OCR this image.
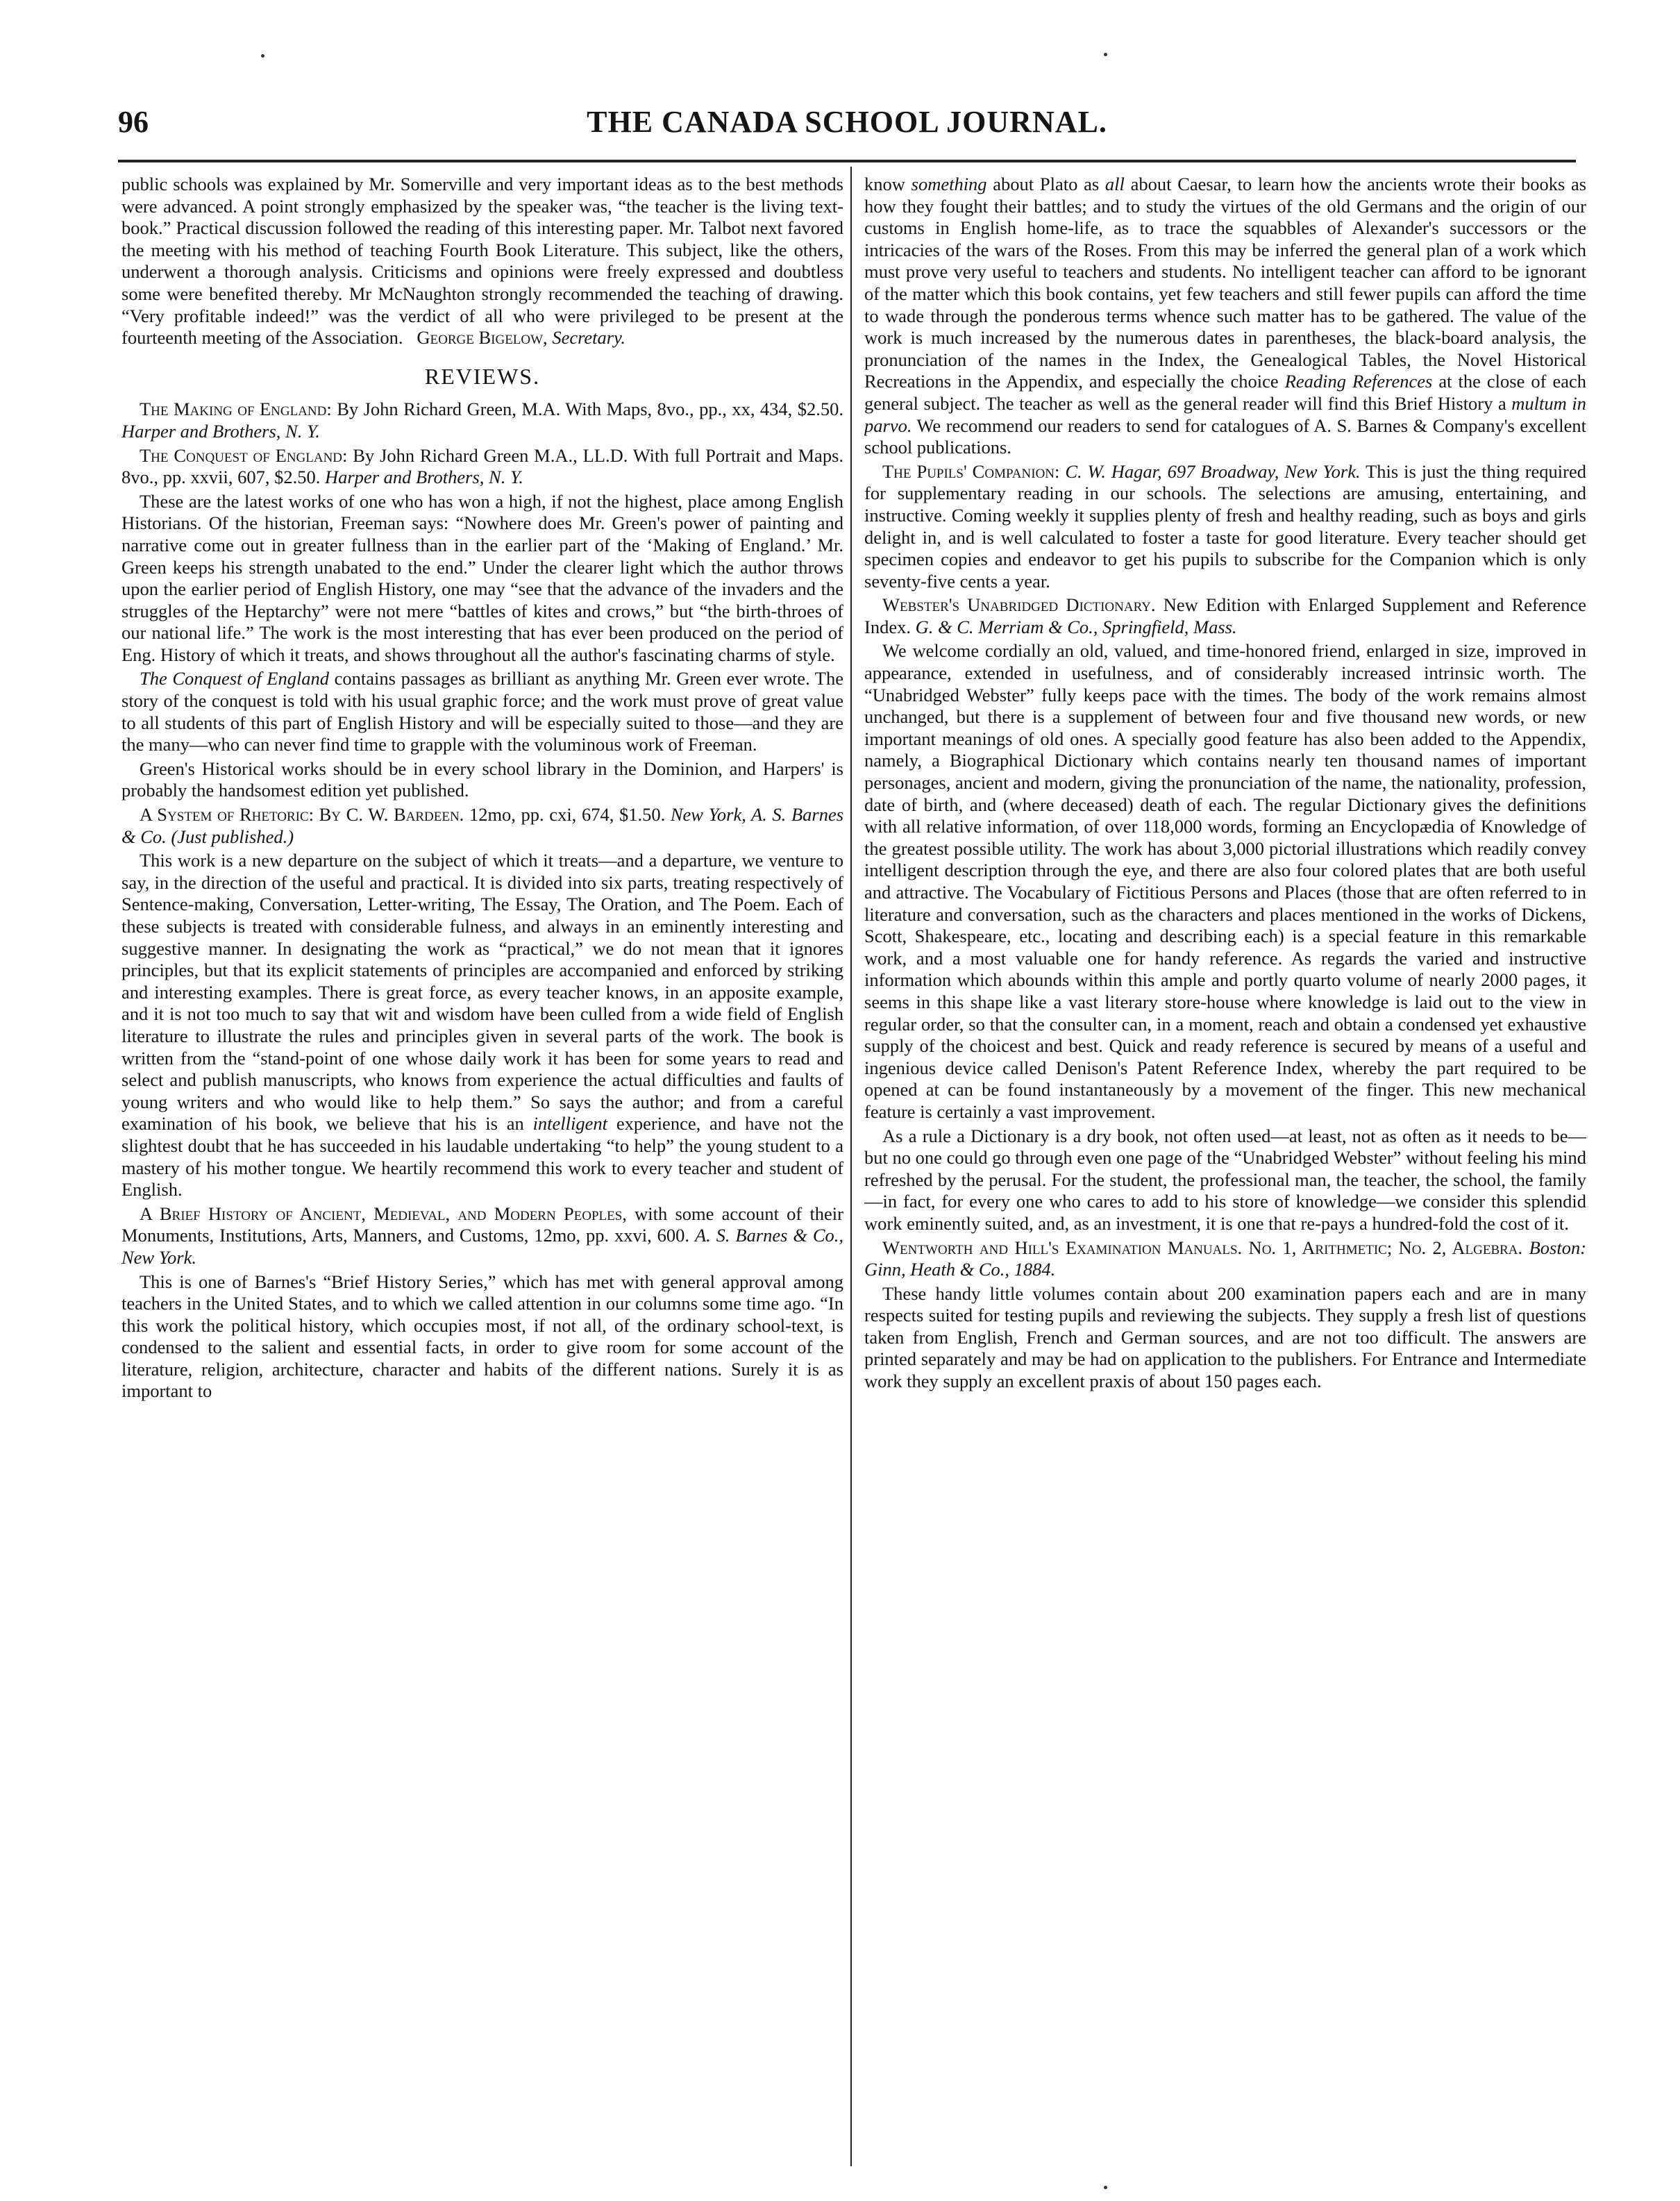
96	THE CANADA SCHOOL JOURNAL.

public schools was explained by Mr. Somerville and very important ideas as to the best methods were advanced. A point strongly emphasized by the speaker was, “the teacher is the living text-book.” Practical discussion followed the reading of this interesting paper. Mr. Talbot next favored the meeting with his method of teaching Fourth Book Literature. This subject, like the others, underwent a thorough analysis. Criticisms and opinions were freely expressed and doubtless some were benefited thereby. Mr McNaughton strongly recommended the teaching of drawing. “Very profitable indeed!” was the verdict of all who were privileged to be present at the fourteenth meeting of the Association. George Bigelow, Secretary.

REVIEWS.

The Making of England: By John Richard Green, M.A. With Maps, 8vo., pp., xx, 434, $2.50. Harper and Brothers, N. Y.

The Conquest of England: By John Richard Green M.A., LL.D. With full Portrait and Maps. 8vo., pp. xxvii, 607, $2.50. Harper and Brothers, N. Y.

These are the latest works of one who has won a high, if not the highest, place among English Historians. Of the historian, Freeman says: “Nowhere does Mr. Green's power of painting and narrative come out in greater fullness than in the earlier part of the ‘Making of England.’ Mr. Green keeps his strength unabated to the end.” Under the clearer light which the author throws upon the earlier period of English History, one may “see that the advance of the invaders and the struggles of the Heptarchy” were not mere “battles of kites and crows,” but “the birth-throes of our national life.” The work is the most interesting that has ever been produced on the period of Eng. History of which it treats, and shows throughout all the author's fascinating charms of style.

The Conquest of England contains passages as brilliant as anything Mr. Green ever wrote. The story of the conquest is told with his usual graphic force; and the work must prove of great value to all students of this part of English History and will be especially suited to those—and they are the many—who can never find time to grapple with the voluminous work of Freeman.

Green's Historical works should be in every school library in the Dominion, and Harpers' is probably the handsomest edition yet published.

A System of Rhetoric: By C. W. Bardeen. 12mo, pp. cxi, 674, $1.50. New York, A. S. Barnes & Co. (Just published.)

This work is a new departure on the subject of which it treats—and a departure, we venture to say, in the direction of the useful and practical. It is divided into six parts, treating respectively of Sentence-making, Conversation, Letter-writing, The Essay, The Oration, and The Poem. Each of these subjects is treated with considerable fulness, and always in an eminently interesting and suggestive manner. In designating the work as “practical,” we do not mean that it ignores principles, but that its explicit statements of principles are accompanied and enforced by striking and interesting examples. There is great force, as every teacher knows, in an apposite example, and it is not too much to say that wit and wisdom have been culled from a wide field of English literature to illustrate the rules and principles given in several parts of the work. The book is written from the “stand-point of one whose daily work it has been for some years to read and select and publish manuscripts, who knows from experience the actual difficulties and faults of young writers and who would like to help them.” So says the author; and from a careful examination of his book, we believe that his is an intelligent experience, and have not the slightest doubt that he has succeeded in his laudable undertaking “to help” the young student to a mastery of his mother tongue. We heartily recommend this work to every teacher and student of English.

A Brief History of Ancient, Medieval, and Modern Peoples, with some account of their Monuments, Institutions, Arts, Manners, and Customs, 12mo, pp. xxvi, 600. A. S. Barnes & Co., New York.

This is one of Barnes's “Brief History Series,” which has met with general approval among teachers in the United States, and to which we called attention in our columns some time ago. “In this work the political history, which occupies most, if not all, of the ordinary school-text, is condensed to the salient and essential facts, in order to give room for some account of the literature, religion, architecture, character and habits of the different nations. Surely it is as important to

know something about Plato as all about Caesar, to learn how the ancients wrote their books as how they fought their battles; and to study the virtues of the old Germans and the origin of our customs in English home-life, as to trace the squabbles of Alexander's successors or the intricacies of the wars of the Roses. From this may be inferred the general plan of a work which must prove very useful to teachers and students. No intelligent teacher can afford to be ignorant of the matter which this book contains, yet few teachers and still fewer pupils can afford the time to wade through the ponderous terms whence such matter has to be gathered. The value of the work is much increased by the numerous dates in parentheses, the black-board analysis, the pronunciation of the names in the Index, the Genealogical Tables, the Novel Historical Recreations in the Appendix, and especially the choice Reading References at the close of each general subject. The teacher as well as the general reader will find this Brief History a multum in parvo. We recommend our readers to send for catalogues of A. S. Barnes & Company's excellent school publications.

The Pupils' Companion: C. W. Hagar, 697 Broadway, New York. This is just the thing required for supplementary reading in our schools. The selections are amusing, entertaining, and instructive. Coming weekly it supplies plenty of fresh and healthy reading, such as boys and girls delight in, and is well calculated to foster a taste for good literature. Every teacher should get specimen copies and endeavor to get his pupils to subscribe for the Companion which is only seventy-five cents a year.

Webster's Unabridged Dictionary. New Edition with Enlarged Supplement and Reference Index. G. & C. Merriam & Co., Springfield, Mass.

We welcome cordially an old, valued, and time-honored friend, enlarged in size, improved in appearance, extended in usefulness, and of considerably increased intrinsic worth. The “Unabridged Webster” fully keeps pace with the times. The body of the work remains almost unchanged, but there is a supplement of between four and five thousand new words, or new important meanings of old ones. A specially good feature has also been added to the Appendix, namely, a Biographical Dictionary which contains nearly ten thousand names of important personages, ancient and modern, giving the pronunciation of the name, the nationality, profession, date of birth, and (where deceased) death of each. The regular Dictionary gives the definitions with all relative information, of over 118,000 words, forming an Encyclopædia of Knowledge of the greatest possible utility. The work has about 3,000 pictorial illustrations which readily convey intelligent description through the eye, and there are also four colored plates that are both useful and attractive. The Vocabulary of Fictitious Persons and Places (those that are often referred to in literature and conversation, such as the characters and places mentioned in the works of Dickens, Scott, Shakespeare, etc., locating and describing each) is a special feature in this remarkable work, and a most valuable one for handy reference. As regards the varied and instructive information which abounds within this ample and portly quarto volume of nearly 2000 pages, it seems in this shape like a vast literary store-house where knowledge is laid out to the view in regular order, so that the consulter can, in a moment, reach and obtain a condensed yet exhaustive supply of the choicest and best. Quick and ready reference is secured by means of a useful and ingenious device called Denison's Patent Reference Index, whereby the part required to be opened at can be found instantaneously by a movement of the finger. This new mechanical feature is certainly a vast improvement.

As a rule a Dictionary is a dry book, not often used—at least, not as often as it needs to be—but no one could go through even one page of the “Unabridged Webster” without feeling his mind refreshed by the perusal. For the student, the professional man, the teacher, the school, the family—in fact, for every one who cares to add to his store of knowledge—we consider this splendid work eminently suited, and, as an investment, it is one that re-pays a hundred-fold the cost of it.

Wentworth and Hill's Examination Manuals. No. 1, Arithmetic; No. 2, Algebra. Boston: Ginn, Heath & Co., 1884.

These handy little volumes contain about 200 examination papers each and are in many respects suited for testing pupils and reviewing the subjects. They supply a fresh list of questions taken from English, French and German sources, and are not too difficult. The answers are printed separately and may be had on application to the publishers. For Entrance and Intermediate work they supply an excellent praxis of about 150 pages each.
